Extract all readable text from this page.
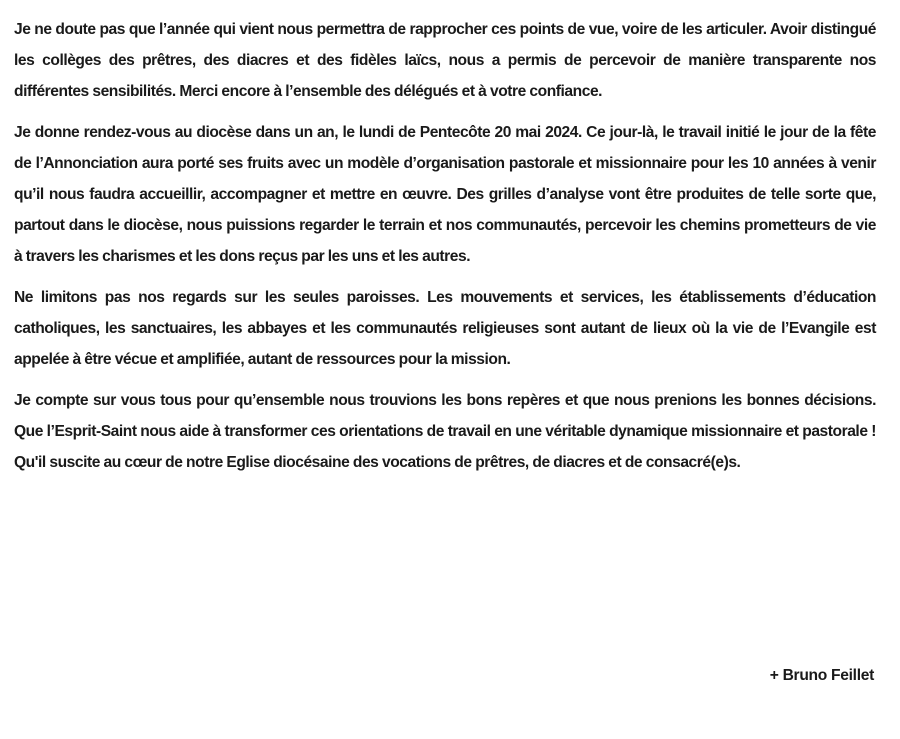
Je ne doute pas que l’année qui vient nous permettra de rapprocher ces points de vue, voire de les articuler. Avoir distingué les collèges des prêtres, des diacres et des fidèles laïcs, nous a permis de percevoir de manière transparente nos différentes sensibilités. Merci encore à l’ensemble des délégués et à votre confiance.

Je donne rendez-vous au diocèse dans un an, le lundi de Pentecôte 20 mai 2024. Ce jour-là, le travail initié le jour de la fête de l’Annonciation aura porté ses fruits avec un modèle d’organisation pastorale et missionnaire pour les 10 années à venir qu’il nous faudra accueillir, accompagner et mettre en œuvre. Des grilles d’analyse vont être produites de telle sorte que, partout dans le diocèse, nous puissions regarder le terrain et nos communautés, percevoir les chemins prometteurs de vie à travers les charismes et les dons reçus par les uns et les autres.

Ne limitons pas nos regards sur les seules paroisses. Les mouvements et services, les établissements d’éducation catholiques, les sanctuaires, les abbayes et les communautés religieuses sont autant de lieux où la vie de l’Evangile est appelée à être vécue et amplifiée, autant de ressources pour la mission.

Je compte sur vous tous pour qu’ensemble nous trouvions les bons repères et que nous prenions les bonnes décisions. Que l’Esprit-Saint nous aide à transformer ces orientations de travail en une véritable dynamique missionnaire et pastorale ! Qu'il suscite au cœur de notre Eglise diocésaine des vocations de prêtres, de diacres et de consacré(e)s.

+ Bruno Feillet
